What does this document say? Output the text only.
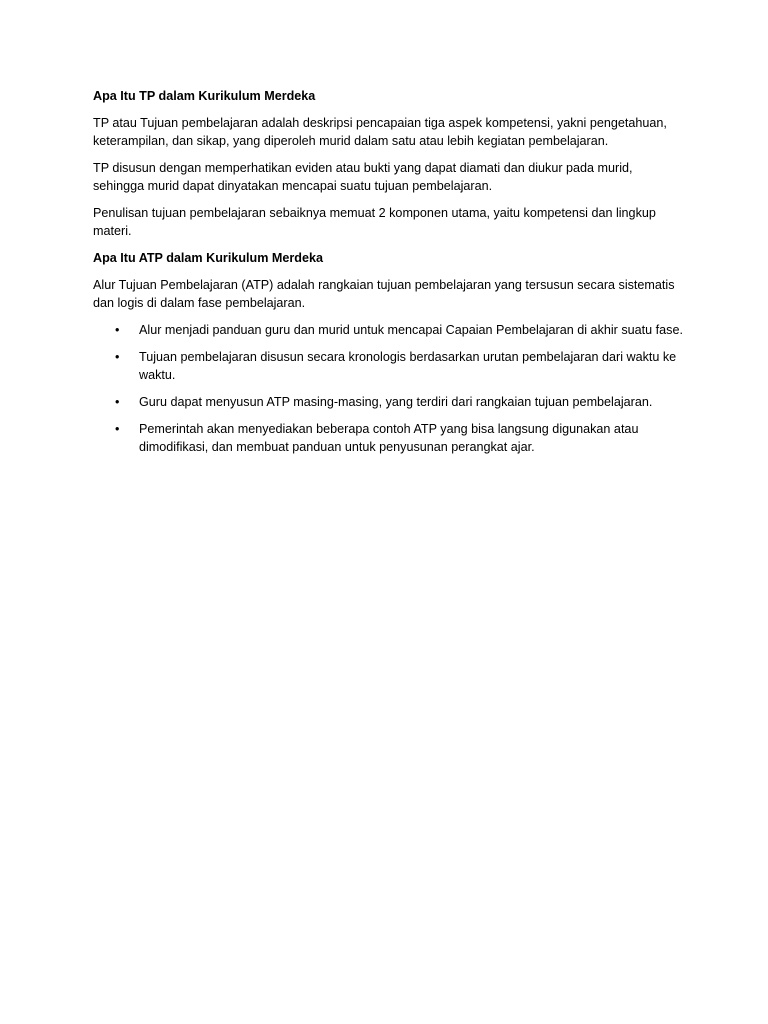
Apa Itu TP dalam Kurikulum Merdeka

TP atau Tujuan pembelajaran adalah deskripsi pencapaian tiga aspek kompetensi, yakni pengetahuan, keterampilan, dan sikap, yang diperoleh murid dalam satu atau lebih kegiatan pembelajaran.

TP disusun dengan memperhatikan eviden atau bukti yang dapat diamati dan diukur pada murid, sehingga murid dapat dinyatakan mencapai suatu tujuan pembelajaran.

Penulisan tujuan pembelajaran sebaiknya memuat 2 komponen utama, yaitu kompetensi dan lingkup materi.

Apa Itu ATP dalam Kurikulum Merdeka

Alur Tujuan Pembelajaran (ATP) adalah rangkaian tujuan pembelajaran yang tersusun secara sistematis dan logis di dalam fase pembelajaran.

• Alur menjadi panduan guru dan murid untuk mencapai Capaian Pembelajaran di akhir suatu fase.
• Tujuan pembelajaran disusun secara kronologis berdasarkan urutan pembelajaran dari waktu ke waktu.
• Guru dapat menyusun ATP masing-masing, yang terdiri dari rangkaian tujuan pembelajaran.
• Pemerintah akan menyediakan beberapa contoh ATP yang bisa langsung digunakan atau dimodifikasi, dan membuat panduan untuk penyusunan perangkat ajar.
